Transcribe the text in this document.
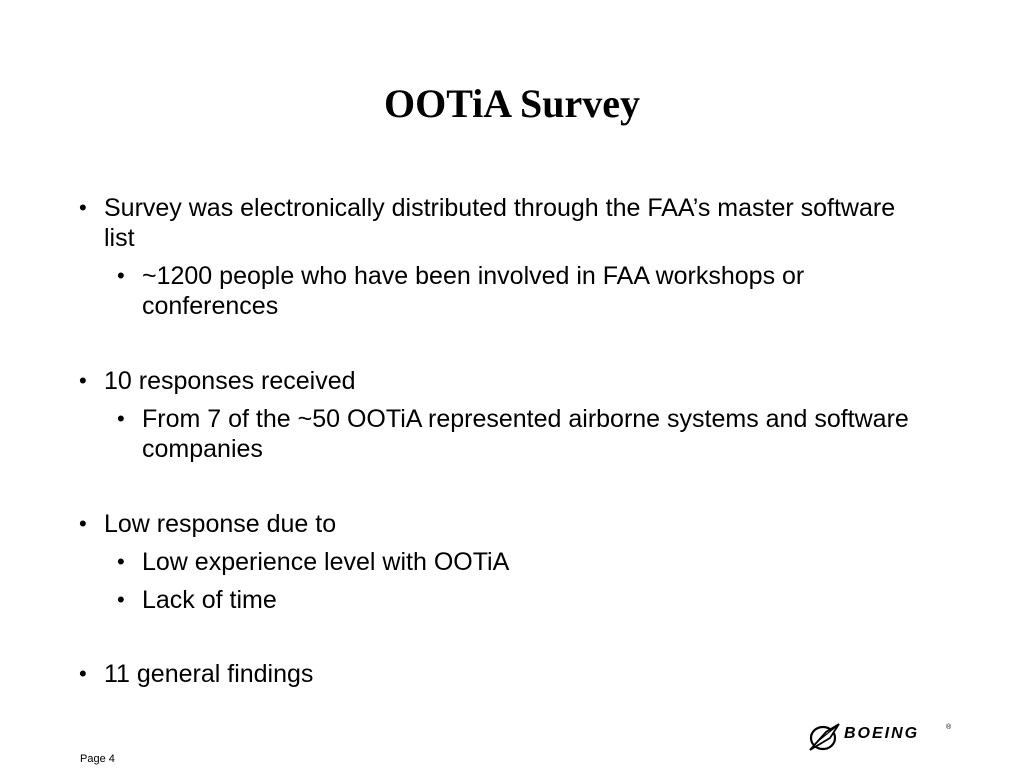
OOTiA Survey
• Survey was electronically distributed through the FAA’s master software list
• ~1200 people who have been involved in FAA workshops or conferences
• 10 responses received
• From 7 of the ~50 OOTiA represented airborne systems and software companies
• Low response due to
• Low experience level with OOTiA
• Lack of time
• 11 general findings
BOEING	®
Page 4
